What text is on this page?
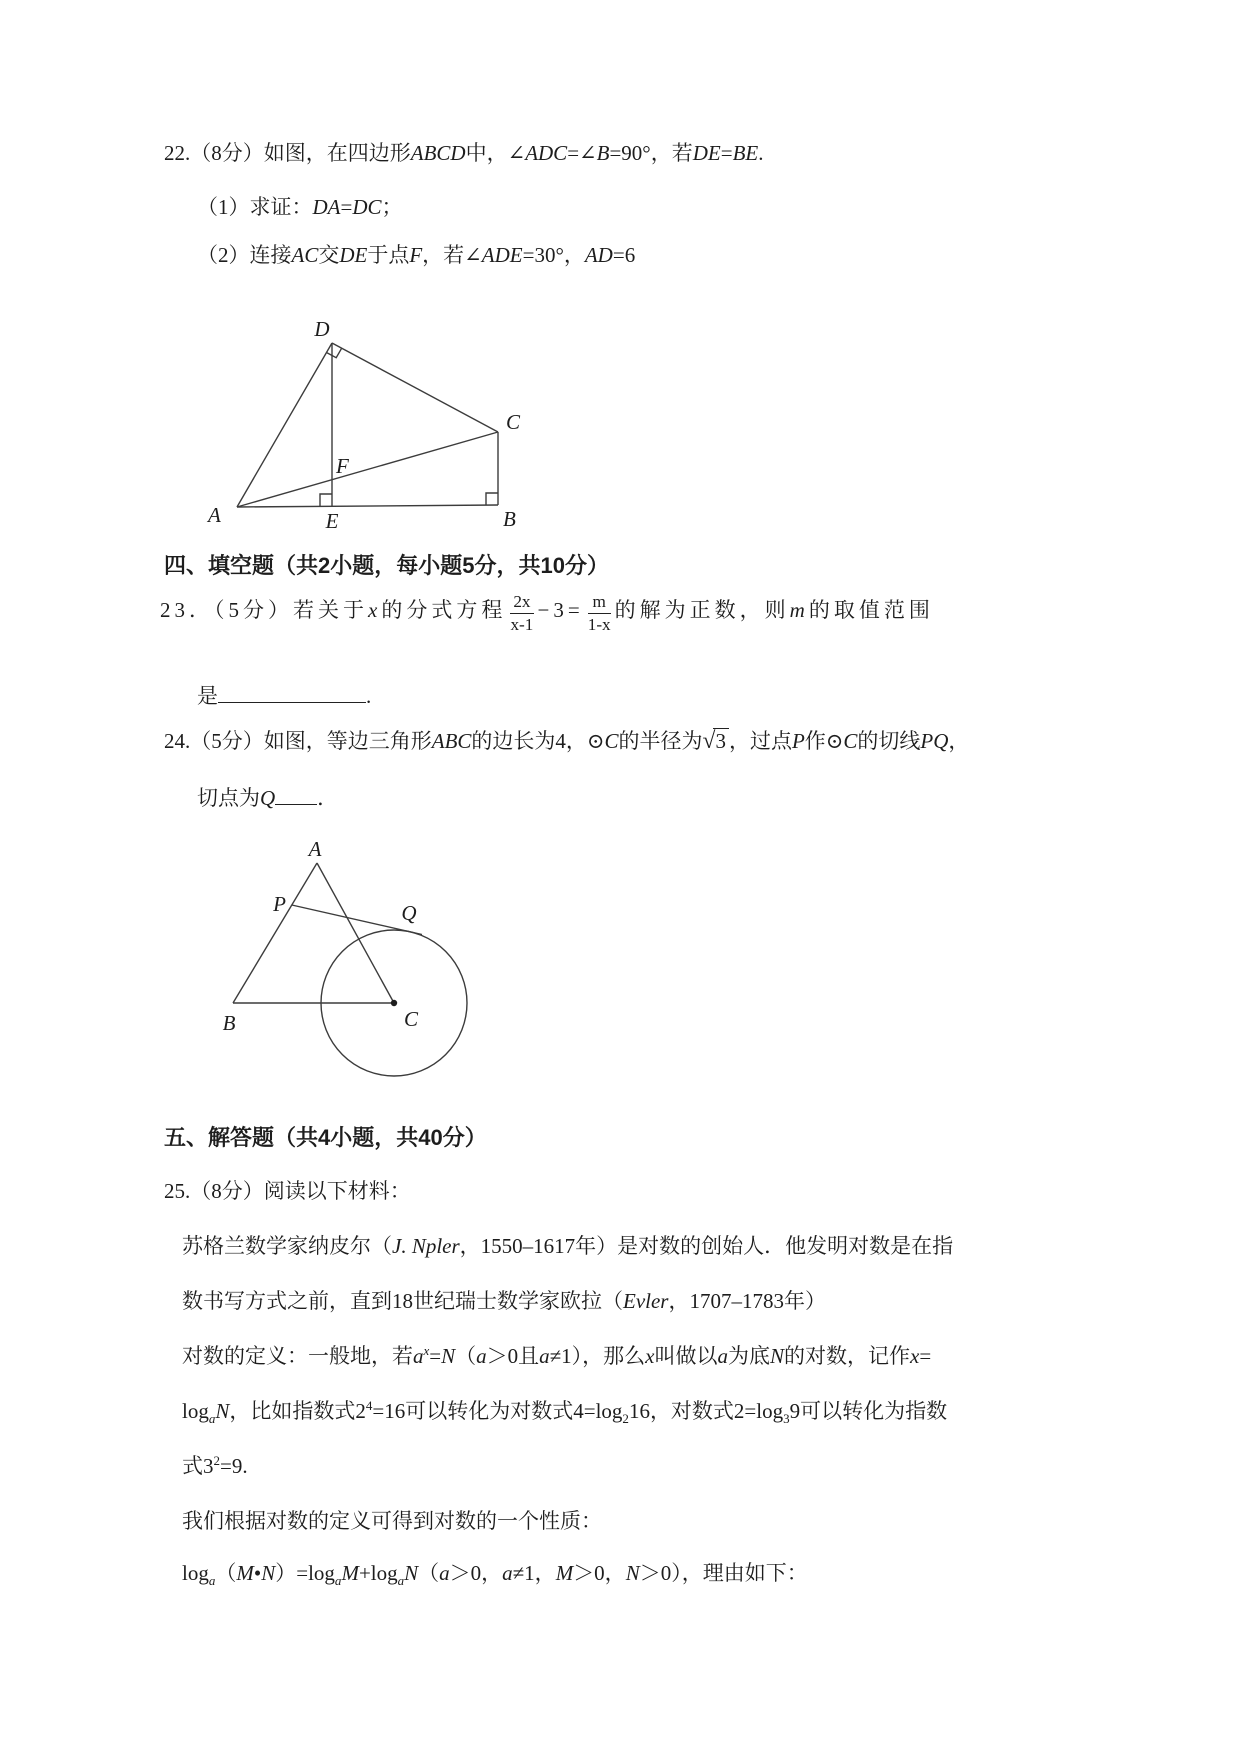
22.（8分）如图，在四边形ABCD中，∠ADC=∠B=90°，若DE=BE.
（1）求证：DA=DC；
（2）连接AC交DE于点F，若∠ADE=30°，AD=6
D
C
F
A	E	B
四、填空题（共2小题，每小题5分，共10分）
23．（5分）若关于x的分式方程 $\frac{2x}{x-1} -3= \frac{m}{1-x}$ 的解为正数，则m的取值范围
是	.
24.（5分）如图，等边三角形ABC的边长为4，⊙C的半径为√3 ，过点P作⊙C的切线PQ，
切点为Q ．
A
P	Q
B	C
五、解答题（共4小题，共40分）
25.（8分）阅读以下材料：
苏格兰数学家纳皮尔（J. Npler，1550–1617年）是对数的创始人．他发明对数是在指
数书写方式之前，直到18世纪瑞士数学家欧拉（Evler，1707–1783年）
对数的定义：一般地，若$a^x=N(a>0$且a≠1），那么x叫做以a为底N的对数，记作x=
$\log_aN$，比如指数式$2^4=16$可以转化为对数式$4=\log_216$，对数式$2=\log_39$可以转化为指数
式$3^2=9$.
我们根据对数的定义可得到对数的一个性质：
$\log_a(M•N)=\log_aM+\log_aN(a>0$，a≠1，M＞0，N＞0），理由如下：
